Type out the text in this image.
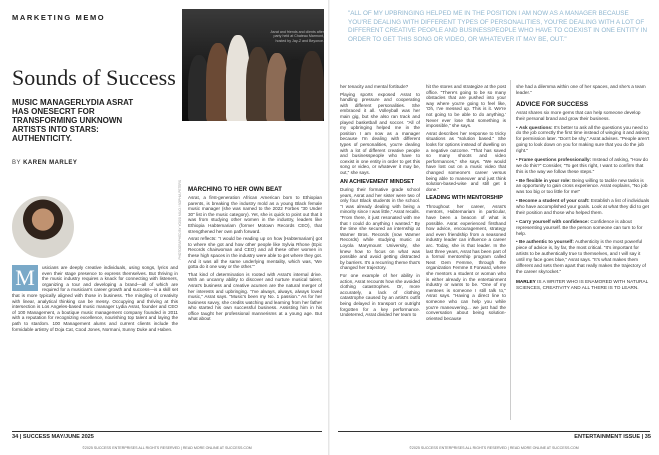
MARKETING MEMO
Sounds of Success
MUSIC MANAGERLYDIA ASRAT HAS ONESECRT FOR TRANSFORMING UNKNOWN ARTISTS INTO STARS: AUTHENTICITY.
BY KAREN MARLEY
Asrat and friends and clients after party held at Chateau Marmont, hosted by Jay-Z and Beyonce.
PHOTOGRAPHED BY YOSSI MILO / SOPHIA PETERS
M	usicians are deeply creative individuals, using songs, lyrics and even their stage presence to express themselves. But thriving in the music industry requires a knack for connecting with listeners, organizing a tour and developing a brand—all of which are required for a musician's career growth and success—is a skill set that is more typically aligned with those in business. The mingling of creativity with linear, analytical thinking can be messy. Occupying and thriving at this intersection is Los Angeles-based music manager Lydia Asrat, founder and CEO of 100 Management, a boutique music management company founded in 2011 with a reputation for recognizing excellence, nourishing top talent and laying the path to stardom. 100 Management alums and current clients include the formidable artistry of Doja Cat, Cood Jones, Normani, Sunny Duke and Haben.
MARCHING TO HER OWN BEAT

Asrat, a first-generation African American born to Ethiopian parents, is breaking the industry mold as a young Black female music manager (she was named to the 2022 Forbes "30 Under 30" list in the music category). Yet, she is quick to point out that it was from studying other women in the industry, leaders like Ethiopia Habtemariam (former Motown Records CEO), that strengthened her own path forward.

Asrat reflects: "I would be reading up on how [Habtemariam] got to where she got and how other people like Sylvia Rhone (Epic Records chairwoman and CEO) and all these other women in these high spaces in the industry were able to get where they got. And it was all the same underlying mentality, which was, 'We gotta do it one way or the other.'"

That kind of determination is rooted with Asrat's internal drive. With an uncanny ability to discover and nurture musical talent, Asrat's business and creative acumen are the natural merger of her interests and upbringing. "I've always, always, always loved music," Asrat says. "Music's been my No. 1 passion." As for her business savvy, she credits watching and learning from her father who started his own successful business. Assisting him in his office taught her professional mannerisms at a young age. But what about

34 | SUCCESS MAY/JUNE 2025
©2025 SUCCESS ENTERPRISES ALL RIGHTS RESERVED | READ MORE ONLINE AT SUCCESS.COM

her tenacity and mental fortitude?

Playing sports exposed Asrat to handling pressure and cooperating with different personalities. She embraced it all. Volleyball was her main gig, but she also ran track and played basketball and soccer. "All of my upbringing helped me in the position I am now as a manager because I'm dealing with different types of personalities, you're dealing with a lot of different creative people and businesspeople who have to coexist in one entity in order to get this song or video, or whatever it may be, out," she says.

AN ACHIEVEMENT MINDSET

During their formative grade school years, Asrat and her sister were two of only four Black students in the school. "I was already dealing with being a minority since I was little," Asrat recalls. "From there, it just resonated with me that I could do anything I wanted." By the time she secured an internship at Warner Bros. Records (now Warner Records) while studying music at Loyola Marymount University, she knew how to focus on what was possible and avoid getting distracted by barriers. It's a recurring theme that's changed her trajectory.

For one example of her ability in action, Asrat recounts how she avoided clothing catastrophes. Or, more accurately, a lack of clothing catastrophe caused by an artist's outfit being delayed in transport or outright forgotten for a key performance. Undeterred, Asrat divided her team to

hit the stores and strategize at the post office. "There's going to be so many obstacles that are pushed into your way where you're going to feel like, 'Oh, I've messed up. This is it. We're not going to be able to do anything.' Never ever lose that something is impossible," she says.

Asrat describes her response to tricky situations as "solution based." She looks for options instead of dwelling on a negative outcome. "That has saved so many shoots and video performances," she says. "We would have lost out on a music video that changed someone's career versus being able to maneuver and just think solution-based-wise and still get it done."

LEADING WITH MENTORSHIP

Throughout her career, Asrat's mentors, Habtemariam in particular, have been a beacon of what is possible. Asrat experienced firsthand how advice, encouragement, strategy and even friendship from a seasoned industry leader can influence a career arc. Today, she is that leader. In the last three years, Asrat has been part of a formal mentorship program called Next Gem Femme, through the organization Femme It Forward, where she mentors a student or woman who is either already in the entertainment industry or wants to be. "One of my mentees is someone I still talk to," Asrat says. "Having a direct line to someone who can help you while you're maneuvering... we just had the conversation about being solution-oriented because

"ALL OF MY UPBRINGING HELPED ME IN THE POSITION I AM NOW AS A MANAGER BECAUSE YOU'RE DEALING WITH DIFFERENT TYPES OF PERSONALITIES, YOU'RE DEALING WITH A LOT OF DIFFERENT CREATIVE PEOPLE AND BUSINESSPEOPLE WHO HAVE TO COEXIST IN ONE ENTITY IN ORDER TO GET THIS SONG OR VIDEO, OR WHATEVER IT MAY BE, OUT."
she had a dilemma within one of her spaces, and she's a team leader."
ADVICE FOR SUCCESS
Asrat shares six more gems that can help someone develop their personal brand and grow their business.
• Ask questions: It's better to ask all the questions you need to do the job correctly the first time instead of winging it and asking for permission later. "Don't be shy," Asrat advises. "People aren't going to look down on you for making sure that you do the job right."
• Frame questions professionally: Instead of asking, "How do we do this?" Consider, "To get this right, I want to confirm that this is the way we follow these steps."
• Be flexible in your role: Being willing to tackle new tasks is an opportunity to gain cross experience. Asrat explains, "No job was too big or too little for me!"
• Become a student of your craft: Establish a list of individuals who have accomplished your goals. Look at what they did to get their position and those who helped them.
• Carry yourself with confidence: Confidence is about representing yourself. Be the person someone can turn to for help.
• Be authentic to yourself: Authenticity is the most powerful piece of advice is, by far, the most critical. "It's important for artists to be authentically true to themselves, and I will say it until my face goes blue," Asrat says. "It's what makes them different and sets them apart that really makes the trajectory of the career skyrocket."
MARLEY IS A WRITER WHO IS ENAMORED WITH NATURAL SCIENCES, CREATIVITY AND ALL THERE IS TO LEARN.
ENTERTAINMENT ISSUE | 35
©2025 SUCCESS ENTERPRISES ALL RIGHTS RESERVED | READ MORE ONLINE AT SUCCESS.COM
